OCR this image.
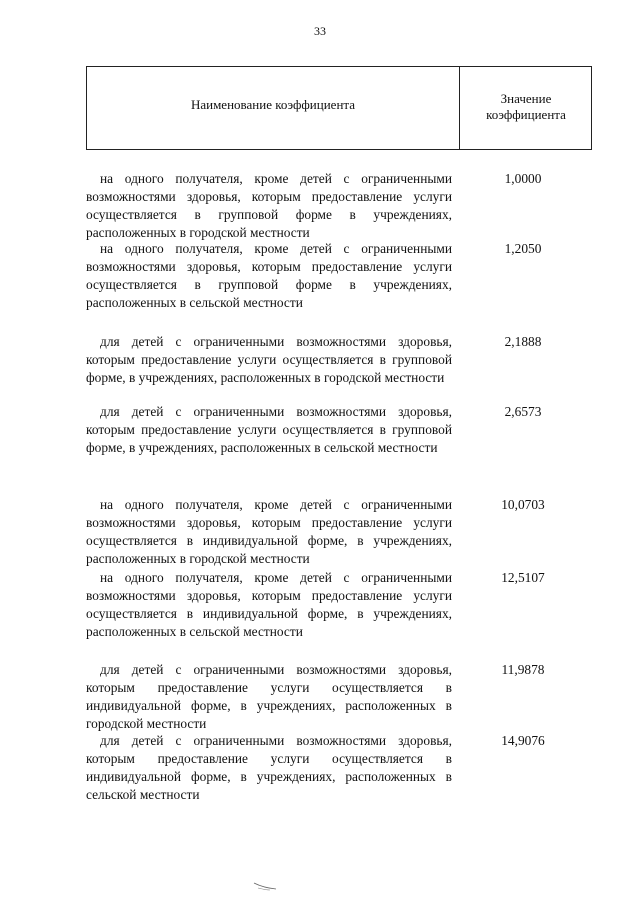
33
Наименование коэффициента	Значение
коэффициента
на одного получателя, кроме детей с ограниченными возможностями здоровья, которым предоставление услуги осуществляется в групповой форме в учреждениях, расположенных в городской местности
1,0000
на одного получателя, кроме детей с ограниченными возможностями здоровья, которым предоставление услуги осуществляется в групповой форме в учреждениях, расположенных в сельской местности
1,2050
для детей с ограниченными возможностями здоровья, которым предоставление услуги осуществляется в групповой форме, в учреждениях, расположенных в городской местности
2,1888
для детей с ограниченными возможностями здоровья, которым предоставление услуги осуществляется в групповой форме, в учреждениях, расположенных в сельской местности
2,6573
на одного получателя, кроме детей с ограниченными возможностями здоровья, которым предоставление услуги осуществляется в индивидуальной форме, в учреждениях, расположенных в городской местности
10,0703
на одного получателя, кроме детей с ограниченными возможностями здоровья, которым предоставление услуги осуществляется в индивидуальной форме, в учреждениях, расположенных в сельской местности
12,5107
для детей с ограниченными возможностями здоровья, которым предоставление услуги осуществляется в индивидуальной форме, в учреждениях, расположенных в городской местности
11,9878
для детей с ограниченными возможностями здоровья, которым предоставление услуги осуществляется в индивидуальной форме, в учреждениях, расположенных в сельской местности
14,9076
